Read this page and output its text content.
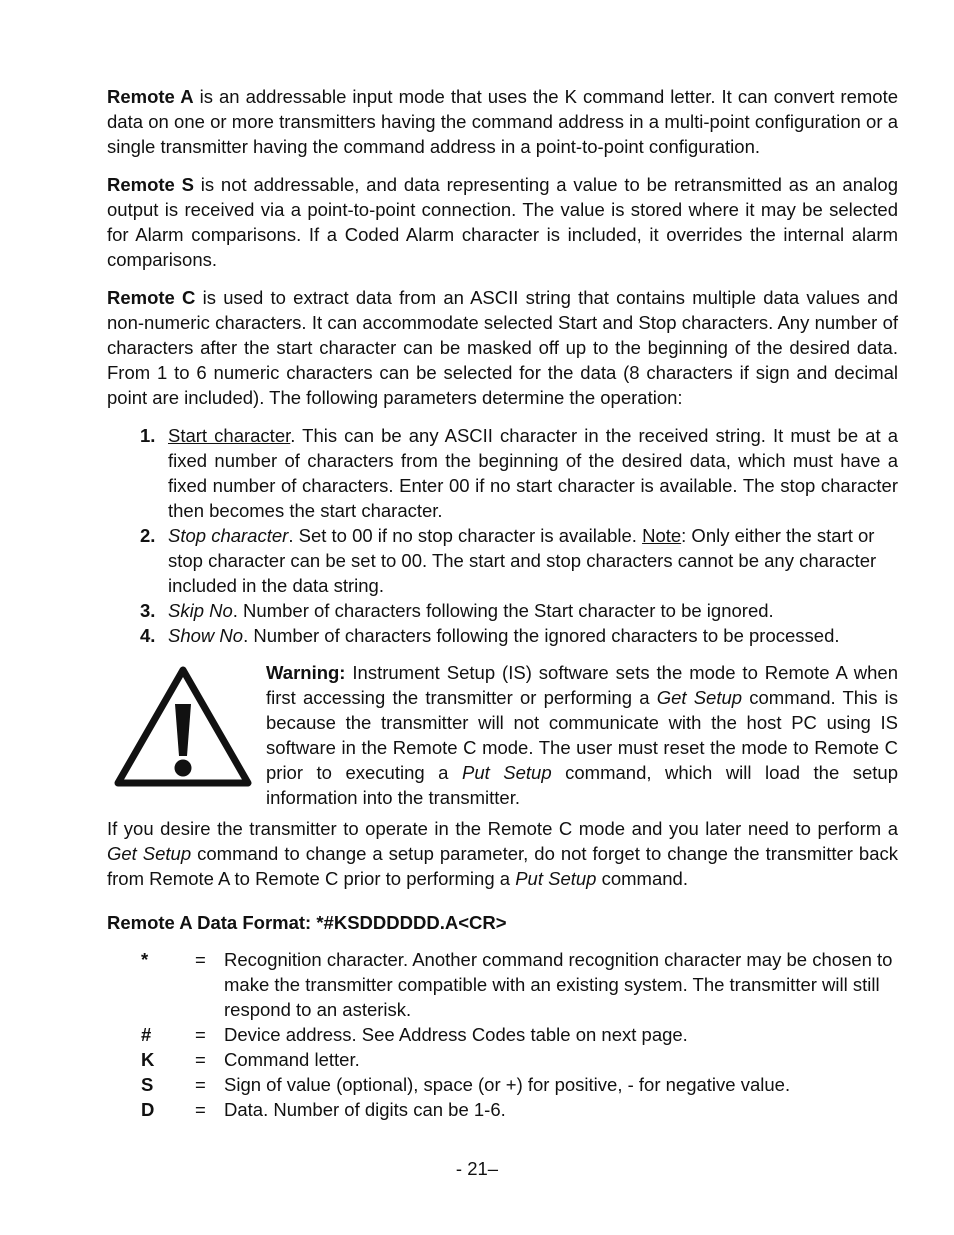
Remote A is an addressable input mode that uses the K command letter. It can convert remote data on one or more transmitters having the command address in a multi-point configuration or a single transmitter having the command address in a point-to-point configuration.

Remote S is not addressable, and data representing a value to be retransmitted as an analog output is received via a point-to-point connection. The value is stored where it may be selected for Alarm comparisons. If a Coded Alarm character is included, it overrides the internal alarm comparisons.

Remote C is used to extract data from an ASCII string that contains multiple data values and non-numeric characters. It can accommodate selected Start and Stop characters. Any number of characters after the start character can be masked off up to the beginning of the desired data. From 1 to 6 numeric characters can be selected for the data (8 characters if sign and decimal point are included). The following parameters determine the operation:

1. Start character. This can be any ASCII character in the received string. It must be at a fixed number of characters from the beginning of the desired data, which must have a fixed number of characters. Enter 00 if no start character is available. The stop character then becomes the start character.
2. Stop character. Set to 00 if no stop character is available. Note: Only either the start or stop character can be set to 00. The start and stop characters cannot be any character included in the data string.
3. Skip No. Number of characters following the Start character to be ignored.
4. Show No. Number of characters following the ignored characters to be processed.

Warning: Instrument Setup (IS) software sets the mode to Remote A when first accessing the transmitter or performing a Get Setup command. This is because the transmitter will not communicate with the host PC using IS software in the Remote C mode. The user must reset the mode to Remote C prior to executing a Put Setup command, which will load the setup information into the transmitter.

If you desire the transmitter to operate in the Remote C mode and you later need to perform a Get Setup command to change a setup parameter, do not forget to change the transmitter back from Remote A to Remote C prior to performing a Put Setup command.

Remote A Data Format: *#KSDDDDDD.A<CR>
*	= Recognition character. Another command recognition character may be chosen to make the transmitter compatible with an existing system. The transmitter will still respond to an asterisk.
# = Device address. See Address Codes table on next page.
K = Command letter.
S = Sign of value (optional), space (or +) for positive, - for negative value.
D = Data. Number of digits can be 1-6.
- 21–
